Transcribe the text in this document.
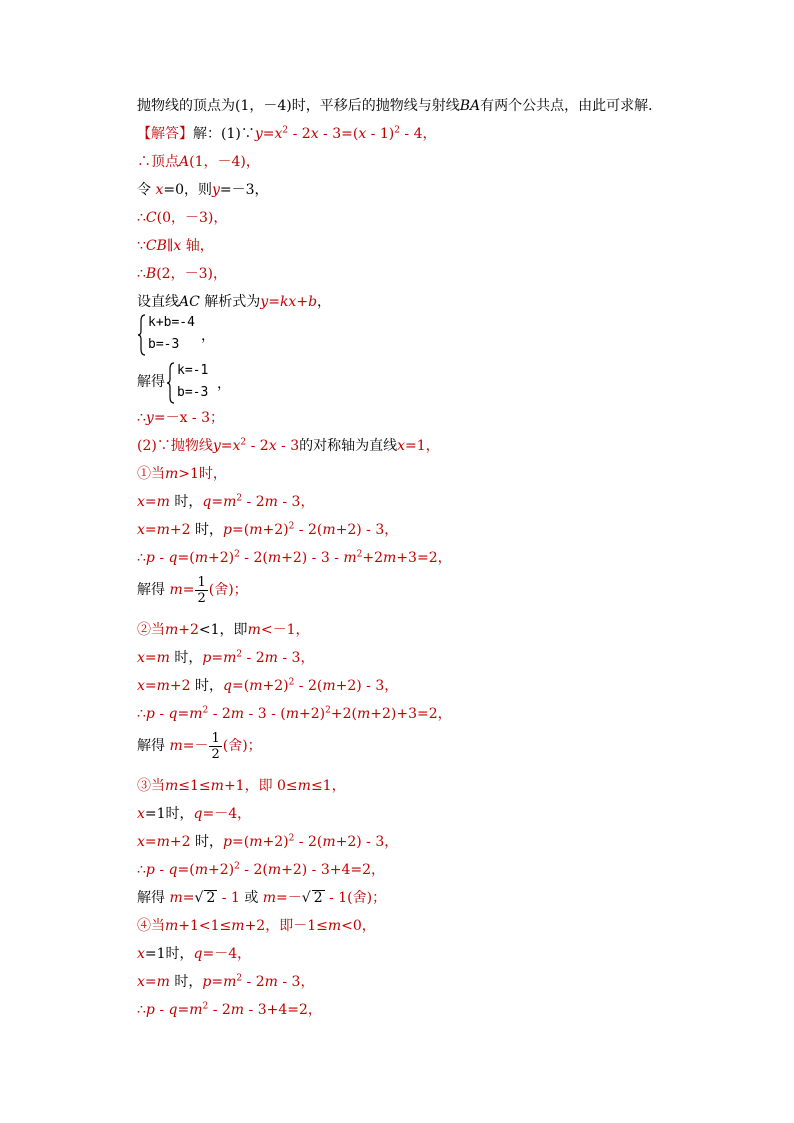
抛物线的顶点为(1，－4)时，平移后的抛物线与射线BA有两个公共点，由此可求解．
【解答】解：$(1)\because y=x^2 - 2x - 3=(x - 1)^2 - 4$，
∴顶点A(1，－4)，
令 x=0，则y=－3，
∴C(0，－3)，
∵CB∥x 轴，
∴B(2，－3)，
设直线AC 解析式为y=kx+b，
k+b=-4
b=-3
，
解得
k=-1
b=-3
，
∴y=－x - 3；
(2)∵抛物线$y=x^2 - 2x - 3$的对称轴为直线x=1，
①当m>1时，
x=m 时，$q=m^2 - 2m - 3$，
x=m+2 时，$p=(m+2)^2 - 2(m+2) - 3$，
∴p - $q=(m+2)^2 - 2(m+2) - 3 - m^2+2m+3=2$，
解得 $m= \frac{1}{2}$ (舍)；
②当m+2<1，即m<－1，
x=m 时，$p=m^2 - 2m - 3$，
x=m+2 时，$q=(m+2)^2 - 2(m+2) - 3$，
∴p - $q=m^2 - 2m - 3 - (m+2)^2+2(m+2)+3=2$，
解得 $m=- \frac{1}{2}$ (舍)；
③当m≤1≤m+1，即 0≤m≤1，
x=1时，q=－4，
x=m+2 时，$p=(m+2)^2 - 2(m+2) - 3$，
∴p - $q=(m+2)^2 - 2(m+2) - 3+4=2$，
解得 m=√ 2 - 1 或 m=－√ 2 - 1(舍)；
④当m+1<1≤m+2，即－1≤m<0，
x=1时，q=－4，
x=m 时，$p=m^2 - 2m - 3$，
∴p - $q=m^2 - 2m - 3+4=2$，
